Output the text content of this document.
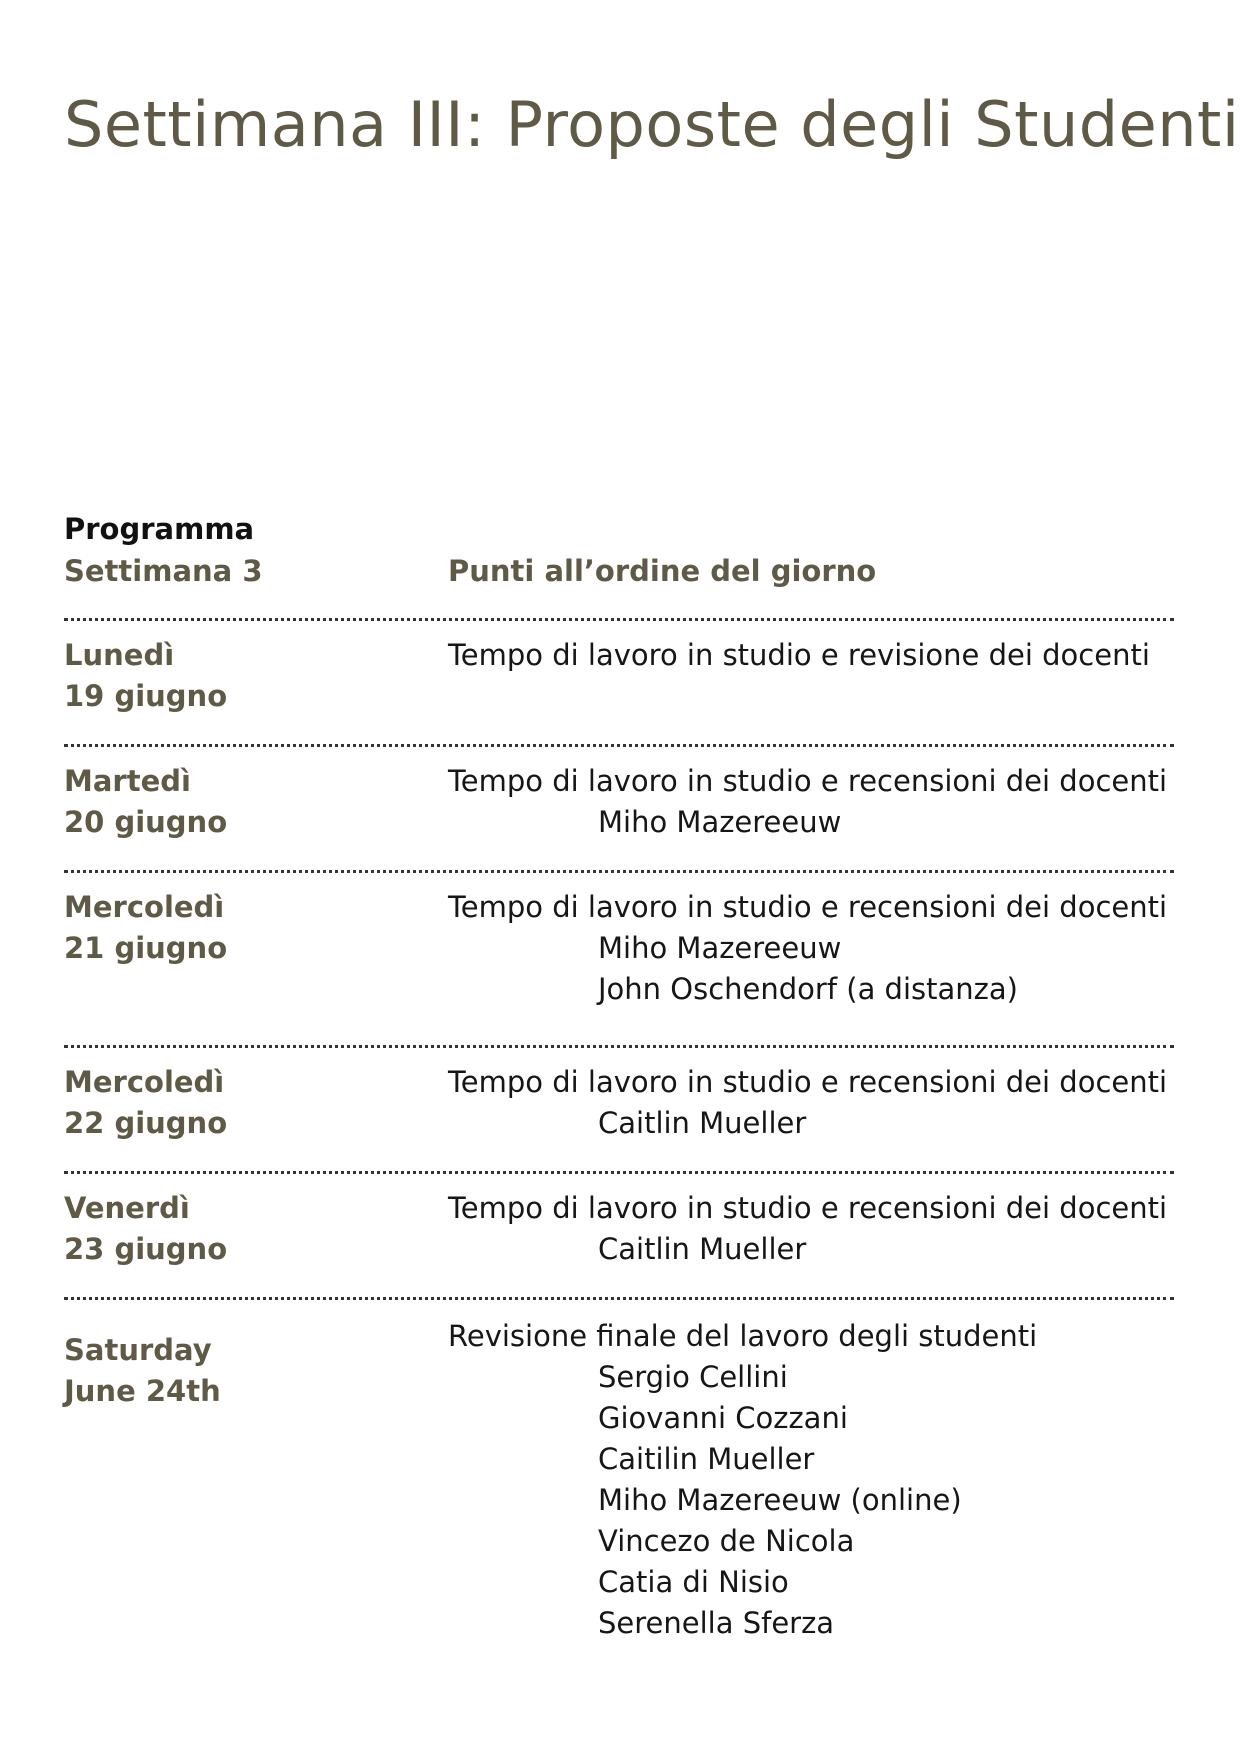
Settimana III: Proposte degli Studenti
Programma
Settimana 3	Punti all’ordine del giorno
Lunedì
19 giugno
Tempo di lavoro in studio e revisione dei docenti
Martedì
20 giugno
Tempo di lavoro in studio e recensioni dei docenti
Miho Mazereeuw
Mercoledì
21 giugno
Tempo di lavoro in studio e recensioni dei docenti
Miho Mazereeuw
John Oschendorf (a distanza)
Mercoledì
22 giugno
Tempo di lavoro in studio e recensioni dei docenti
Caitlin Mueller
Venerdì
23 giugno
Tempo di lavoro in studio e recensioni dei docenti
Caitlin Mueller
Saturday
June 24th
Revisione finale del lavoro degli studenti
Sergio Cellini
Giovanni Cozzani
Caitilin Mueller
Miho Mazereeuw (online)
Vincezo de Nicola
Catia di Nisio
Serenella Sferza
